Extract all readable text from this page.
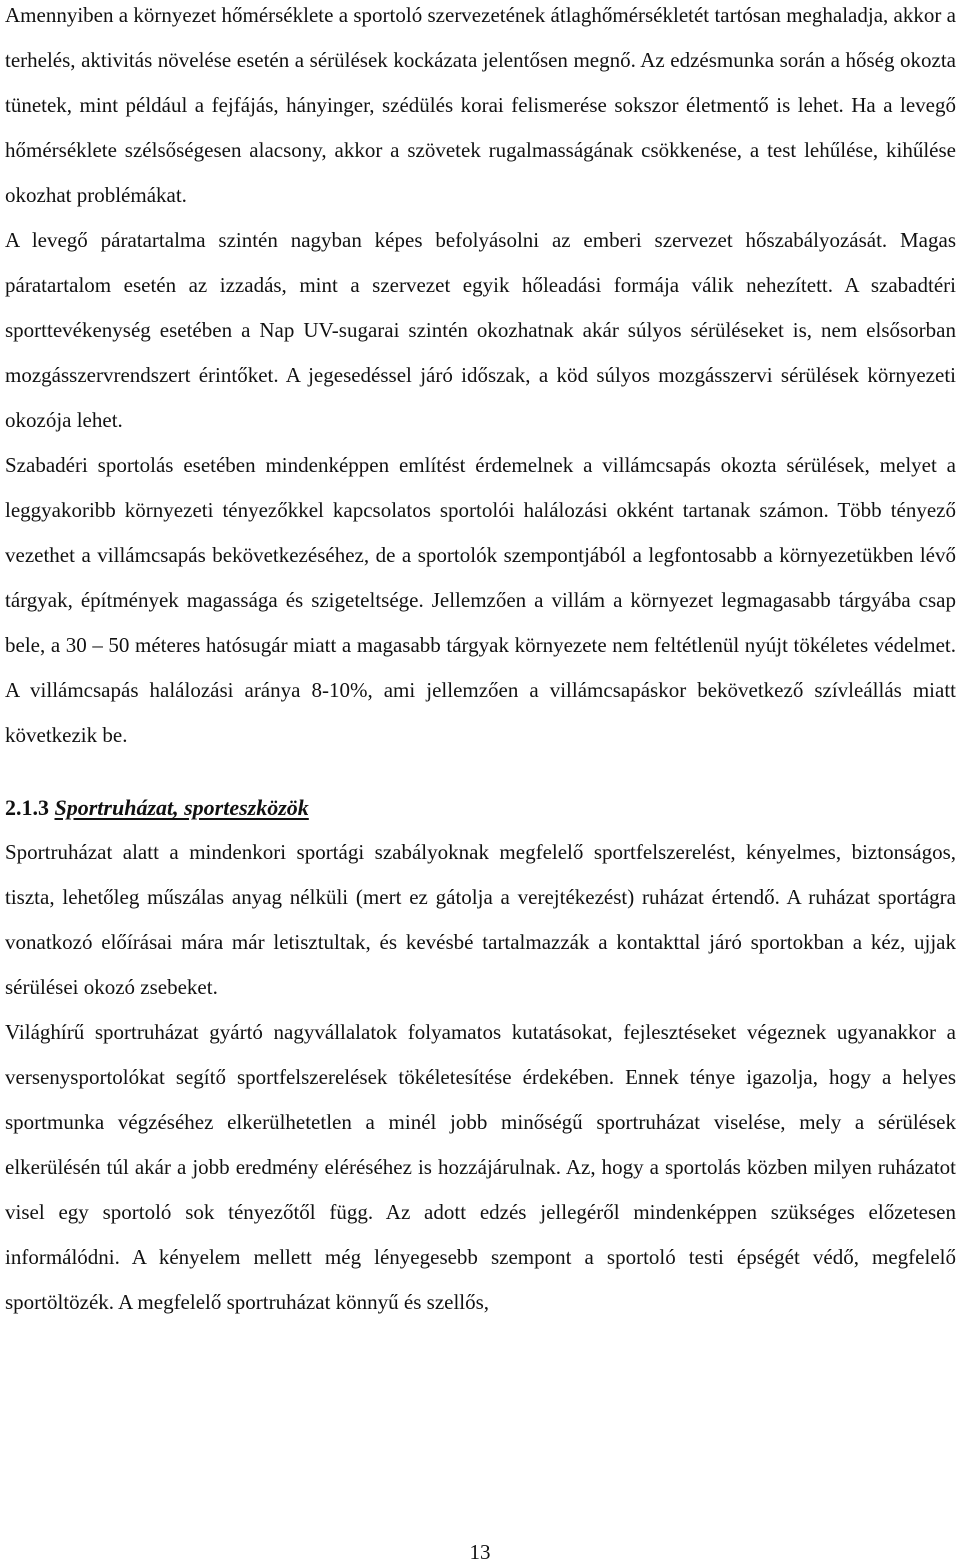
Amennyiben a környezet hőmérséklete a sportoló szervezetének átlaghőmérsékletét tartósan meghaladja, akkor a terhelés, aktivitás növelése esetén a sérülések kockázata jelentősen megnő. Az edzésmunka során a hőség okozta tünetek, mint például a fejfájás, hányinger, szédülés korai felismerése sokszor életmentő is lehet. Ha a levegő hőmérséklete szélsőségesen alacsony, akkor a szövetek rugalmasságának csökkenése, a test lehűlése, kihűlése okozhat problémákat.

A levegő páratartalma szintén nagyban képes befolyásolni az emberi szervezet hőszabályozását. Magas páratartalom esetén az izzadás, mint a szervezet egyik hőleadási formája válik nehezített. A szabadtéri sporttevékenység esetében a Nap UV-sugarai szintén okozhatnak akár súlyos sérüléseket is, nem elsősorban mozgásszervrendszert érintőket. A jegesedéssel járó időszak, a köd súlyos mozgásszervi sérülések környezeti okozója lehet.

Szabadéri sportolás esetében mindenképpen említést érdemelnek a villámcsapás okozta sérülések, melyet a leggyakoribb környezeti tényezőkkel kapcsolatos sportolói halálozási okként tartanak számon. Több tényező vezethet a villámcsapás bekövetkezéséhez, de a sportolók szempontjából a legfontosabb a környezetükben lévő tárgyak, építmények magassága és szigeteltsége. Jellemzően a villám a környezet legmagasabb tárgyába csap bele, a 30 – 50 méteres hatósugár miatt a magasabb tárgyak környezete nem feltétlenül nyújt tökéletes védelmet. A villámcsapás halálozási aránya 8-10%, ami jellemzően a villámcsapáskor bekövetkező szívleállás miatt következik be.

2.1.3 Sportruházat, sporteszközök

Sportruházat alatt a mindenkori sportági szabályoknak megfelelő sportfelszerelést, kényelmes, biztonságos, tiszta, lehetőleg műszálas anyag nélküli (mert ez gátolja a verejtékezést) ruházat értendő. A ruházat sportágra vonatkozó előírásai mára már letisztultak, és kevésbé tartalmazzák a kontakttal járó sportokban a kéz, ujjak sérülései okozó zsebeket.

Világhírű sportruházat gyártó nagyvállalatok folyamatos kutatásokat, fejlesztéseket végeznek ugyanakkor a versenysportolókat segítő sportfelszerelések tökéletesítése érdekében. Ennek ténye igazolja, hogy a helyes sportmunka végzéséhez elkerülhetetlen a minél jobb minőségű sportruházat viselése, mely a sérülések elkerülésén túl akár a jobb eredmény eléréséhez is hozzájárulnak. Az, hogy a sportolás közben milyen ruházatot visel egy sportoló sok tényezőtől függ. Az adott edzés jellegéről mindenképpen szükséges előzetesen informálódni. A kényelem mellett még lényegesebb szempont a sportoló testi épségét védő, megfelelő sportöltözék. A megfelelő sportruházat könnyű és szellős,

13
